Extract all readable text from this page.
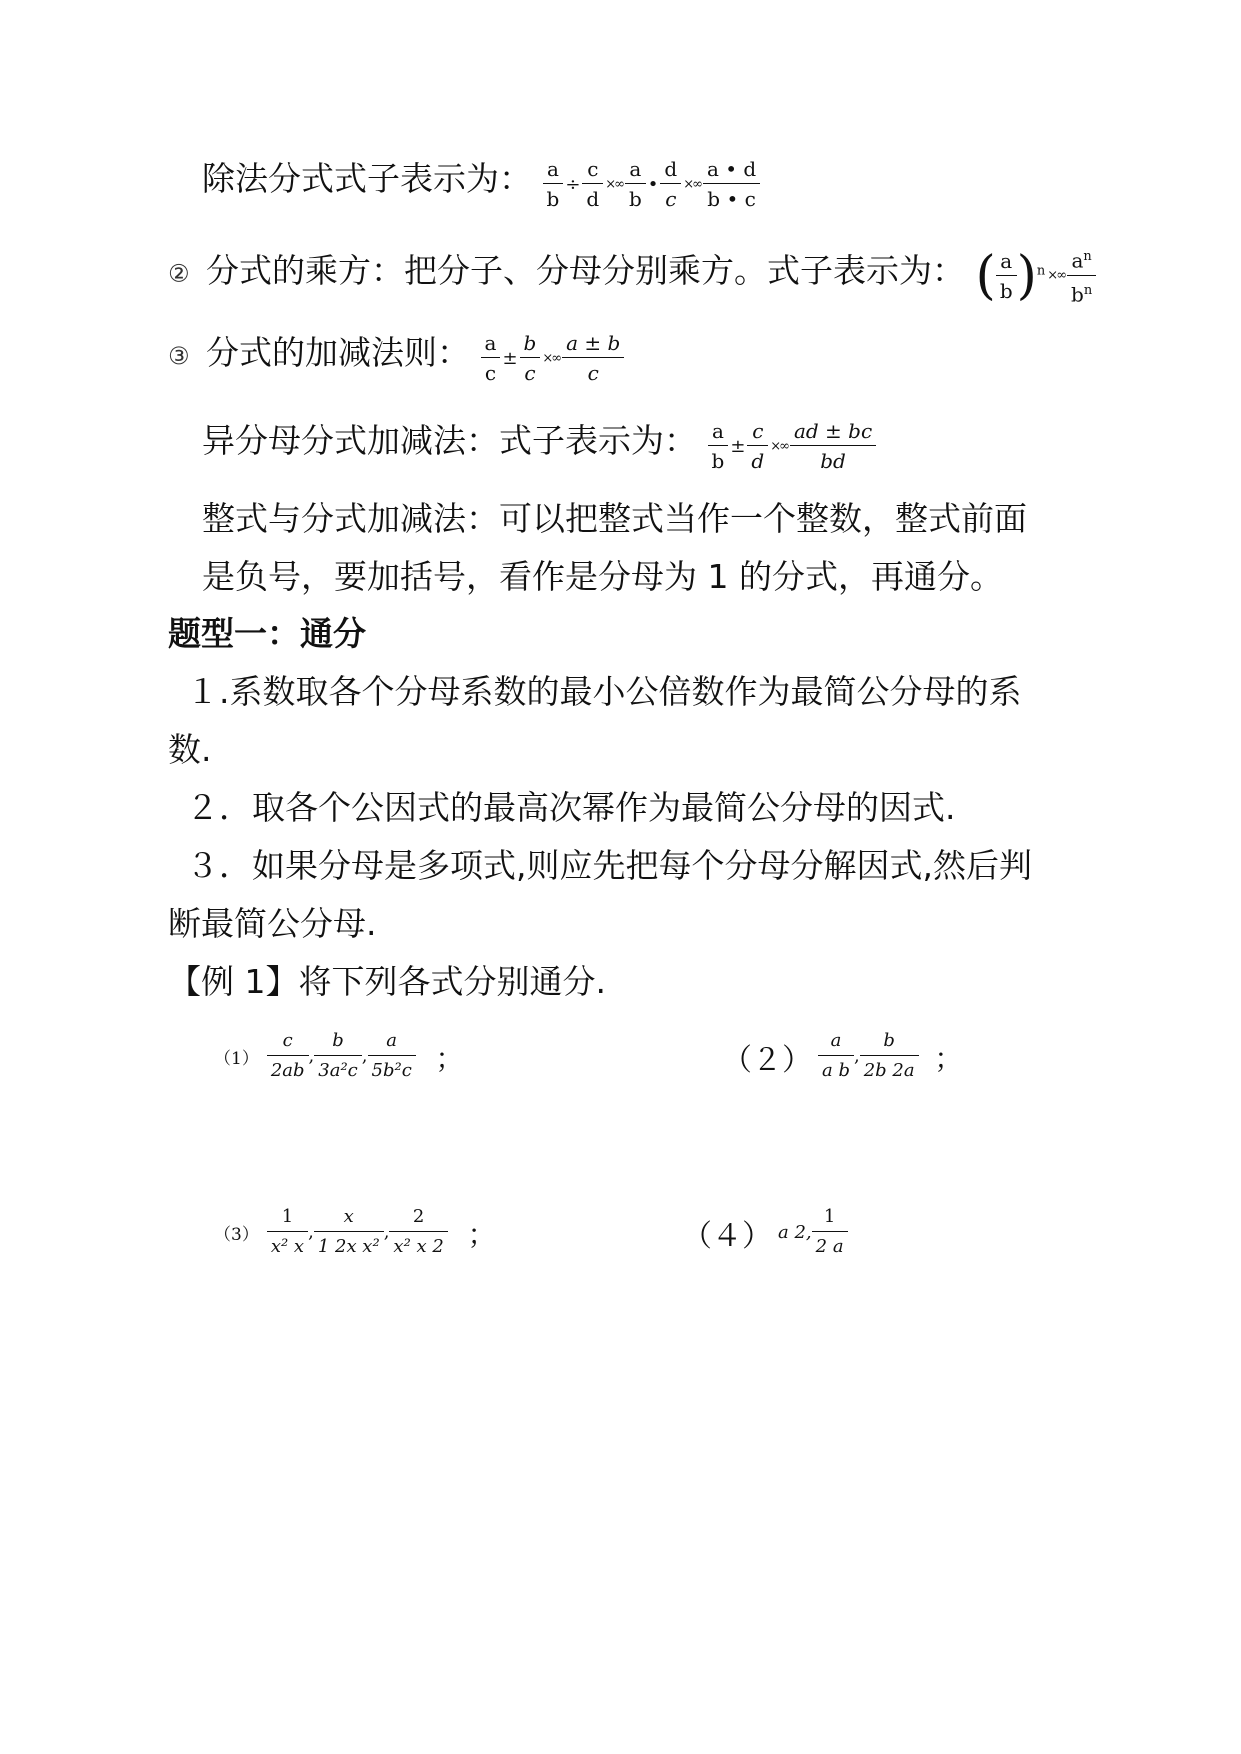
除法分式式子表示为： $\frac{a}{b} \div \frac{c}{d}$ ×∞ $\frac{a}{b}$ • $\frac{d}{c}$ ×∞ $\frac{a • d}{b • c}$
② 分式的乘方：把分子、分母分别乘方。式子表示为： ( $\frac{a}{b} )^n$ ×∞ $\frac{a^n}{b^n}$
③ 分式的加减法则： $\frac{a}{c} \pm \frac{b}{c}$ ×∞ $\frac{a \pm b}{c}$
异分母分式加减法：式子表示为： $\frac{a}{b} \pm \frac{c}{d}$ ×∞ $\frac{ad \pm bc}{bd}$
整式与分式加减法：可以把整式当作一个整数，整式前面
是负号，要加括号，看作是分母为 1 的分式，再通分。
题型一：通分
１.系数取各个分母系数的最小公倍数作为最简公分母的系
数.
２．取各个公因式的最高次幂作为最简公分母的因式.
３．如果分母是多项式,则应先把每个分母分解因式,然后判
断最简公分母.
【例 1】将下列各式分别通分.
$(1) \frac{c}{2ab}$ , $\frac{b}{\text{3a²c}}$ , $\frac{a}{\text{5b²c}}$ ；	$(2) \frac{a}{\text{a b}}$ , $\frac{b}{2b 2a}$ ；
$(3) \frac{1}{\text{x² x}}$ , $\frac{x}{\text{1 2x x²}}$ , $\frac{2}{\text{x² x 2}}$ ；	（４） a 2, $\frac{1}{2 a}$
